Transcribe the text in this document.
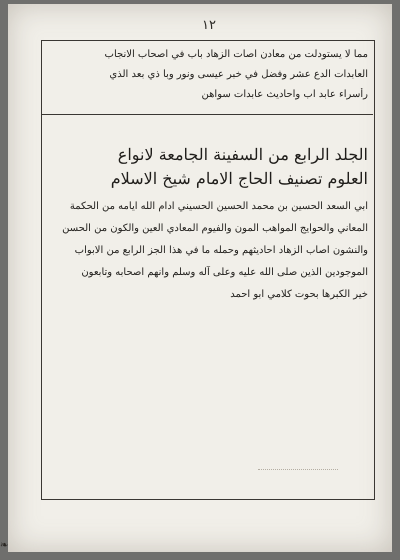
١٢
مما لا يستودلت من معادن اصات الزهاد باب في اصحاب الانجاب
العابدات الدع عشر وفضل في خبر عيسى ونور وبا ذي بعد الذي
رأسراء عابد اب واحاديث عابدات سواهن
الجلد الرابع من السفينة الجامعة لانواع
العلوم تصنيف الحاج الامام شيخ الاسلام
ابي السعد الحسين بن محمد الحسين الحسيني ادام الله ايامه من الحكمة
المعاني والحوايج المواهب المون والفيوم المعادي العين والكون من الحسن
والنشون اصاب الزهاد احاديثهم وحمله ما في هذا الجز الرابع من الابواب
الموجودين الذين صلى الله عليه وعلى آله وسلم وانهم اصحابه وتابعون
خير الكبرها بحوت كلامي ابو احمد
❧
